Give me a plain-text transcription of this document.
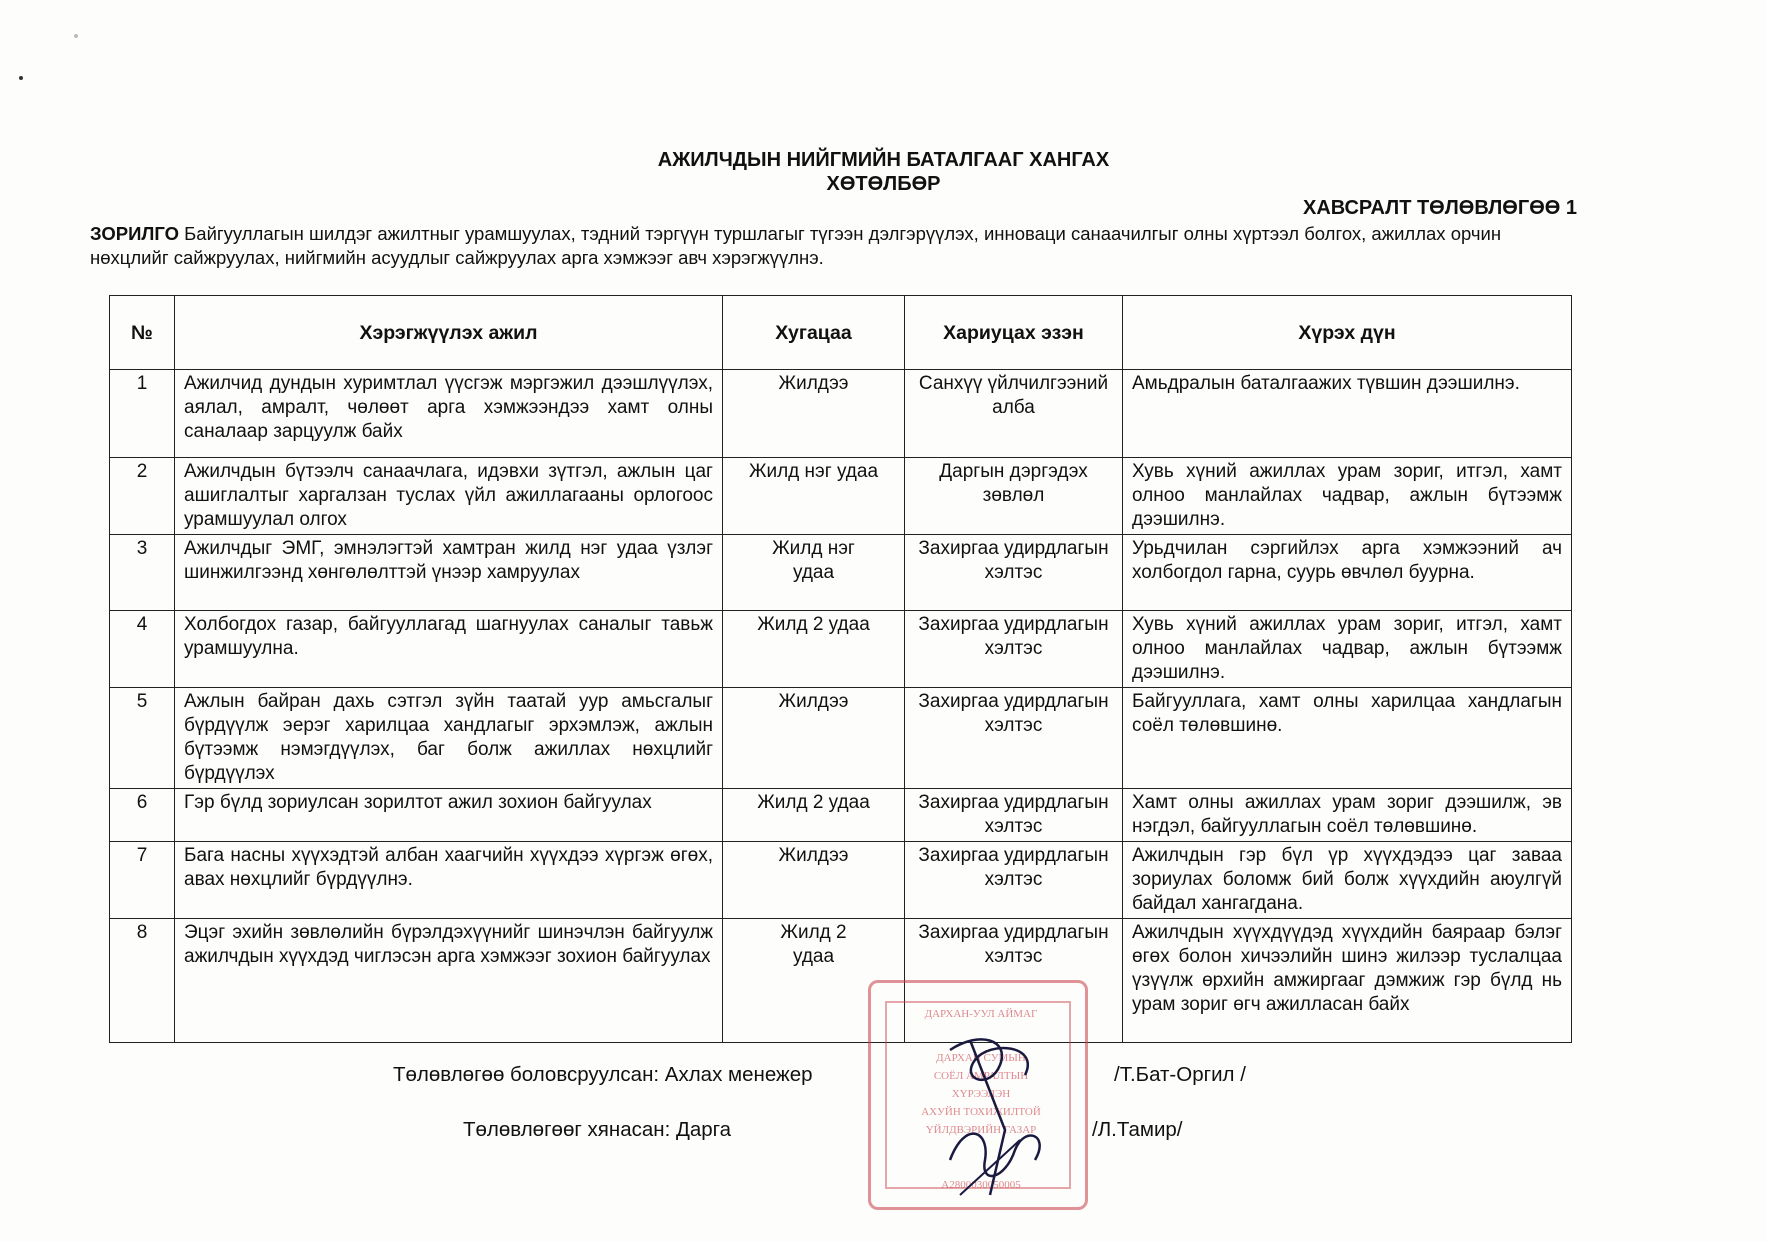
АЖИЛЧДЫН НИЙГМИЙН БАТАЛГААГ ХАНГАХ
ХӨТӨЛБӨР
ХАВСРАЛТ ТӨЛӨВЛӨГӨӨ 1
ЗОРИЛГО Байгууллагын шилдэг ажилтныг урамшуулах, тэдний тэргүүн туршлагыг түгээн дэлгэрүүлэх, инноваци санаачилгыг олны хүртээл болгох, ажиллах орчин нөхцлийг сайжруулах, нийгмийн асуудлыг сайжруулах арга хэмжээг авч хэрэгжүүлнэ.
№	Хэрэгжүүлэх ажил	Хугацаа	Хариуцах эзэн	Хүрэх дүн
1	Ажилчид дундын хуримтлал үүсгэж мэргэжил дээшлүүлэх, аялал, амралт, чөлөөт арга хэмжээндээ хамт олны саналаар зарцуулж байх	Жилдээ	Санхүү үйлчилгээний алба	Амьдралын баталгаажих түвшин дээшилнэ.
2	Ажилчдын бүтээлч санаачлага, идэвхи зүтгэл, ажлын цаг ашиглалтыг харгалзан туслах үйл ажиллагааны орлогоос урамшуулал олгох	Жилд нэг удаа	Даргын дэргэдэх зөвлөл	Хувь хүний ажиллах урам зориг, итгэл, хамт олноо манлайлах чадвар, ажлын бүтээмж дээшилнэ.
3	Ажилчдыг ЭМГ, эмнэлэгтэй хамтран жилд нэг удаа үзлэг шинжилгээнд хөнгөлөлттэй үнээр хамруулах	Жилд нэг удаа	Захиргаа удирдлагын хэлтэс	Урьдчилан сэргийлэх арга хэмжээний ач холбогдол гарна, суурь өвчлөл буурна.
4	Холбогдох газар, байгууллагад шагнуулах саналыг тавьж урамшуулна.	Жилд 2 удаа	Захиргаа удирдлагын хэлтэс	Хувь хүний ажиллах урам зориг, итгэл, хамт олноо манлайлах чадвар, ажлын бүтээмж дээшилнэ.
5	Ажлын байран дахь сэтгэл зүйн таатай уур амьсгалыг бүрдүүлж эерэг харилцаа хандлагыг эрхэмлэж, ажлын бүтээмж нэмэгдүүлэх, баг болж ажиллах нөхцлийг бүрдүүлэх	Жилдээ	Захиргаа удирдлагын хэлтэс	Байгууллага, хамт олны харилцаа хандлагын соёл төлөвшинө.
6	Гэр бүлд зориулсан зорилтот ажил зохион байгуулах	Жилд 2 удаа	Захиргаа удирдлагын хэлтэс	Хамт олны ажиллах урам зориг дээшилж, эв нэгдэл, байгууллагын соёл төлөвшинө.
7	Бага насны хүүхэдтэй албан хаагчийн хүүхдээ хүргэж өгөх, авах нөхцлийг бүрдүүлнэ.	Жилдээ	Захиргаа удирдлагын хэлтэс	Ажилчдын гэр бүл үр хүүхдэдээ цаг заваа зориулах боломж бий болж хүүхдийн аюулгүй байдал хангагдана.
8	Эцэг эхийн зөвлөлийн бүрэлдэхүүнийг шинэчлэн байгуулж ажилчдын хүүхдэд чиглэсэн арга хэмжээг зохион байгуулах	Жилд 2 удаа	Захиргаа удирдлагын хэлтэс	Ажилчдын хүүхдүүдэд хүүхдийн баяраар бэлэг өгөх болон хичээлийн шинэ жилээр туслалцаа үзүүлж өрхийн амжиргааг дэмжиж гэр бүлд нь урам зориг өгч ажилласан байх
ДАРХАН-УУЛ АЙМАГ
ДАРХАН СУМЫН
СОЁЛ АМРАЛТЫН
ХҮРЭЭЛЭН
АХУЙН ТОХИЖИЛТОЙ
ҮЙЛДВЭРИЙН ГАЗАР
А2800030050005
Төлөвлөгөө боловсруулсан: Ахлах менежер	/Т.Бат-Оргил /
Төлөвлөгөөг хянасан: Дарга	/Л.Тамир/
